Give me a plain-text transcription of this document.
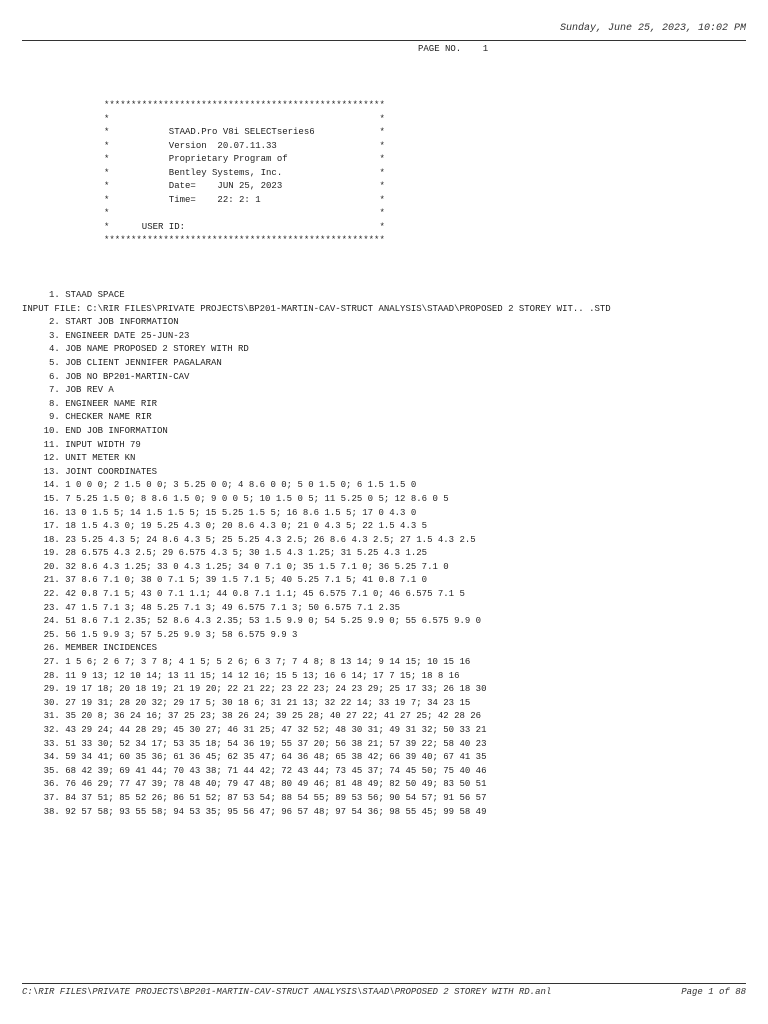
Sunday, June 25, 2023, 10:02 PM
PAGE NO.    1
****************************************************
*                                                  *
*           STAAD.Pro V8i SELECTseries6            *
*           Version  20.07.11.33                   *
*           Proprietary Program of                 *
*           Bentley Systems, Inc.                  *
*           Date=    JUN 25, 2023                  *
*           Time=    22: 2: 1                      *
*                                                  *
*      USER ID:                                    *
****************************************************
1. STAAD SPACE
INPUT FILE: C:\RIR FILES\PRIVATE PROJECTS\BP201-MARTIN-CAV-STRUCT ANALYSIS\STAAD\PROPOSED 2 STOREY WIT.. .STD
2. START JOB INFORMATION
3. ENGINEER DATE 25-JUN-23
4. JOB NAME PROPOSED 2 STOREY WITH RD
5. JOB CLIENT JENNIFER PAGALARAN
6. JOB NO BP201-MARTIN-CAV
7. JOB REV A
8. ENGINEER NAME RIR
9. CHECKER NAME RIR
10. END JOB INFORMATION
11. INPUT WIDTH 79
12. UNIT METER KN
13. JOINT COORDINATES
14. 1 0 0 0; 2 1.5 0 0; 3 5.25 0 0; 4 8.6 0 0; 5 0 1.5 0; 6 1.5 1.5 0
15. 7 5.25 1.5 0; 8 8.6 1.5 0; 9 0 0 5; 10 1.5 0 5; 11 5.25 0 5; 12 8.6 0 5
16. 13 0 1.5 5; 14 1.5 1.5 5; 15 5.25 1.5 5; 16 8.6 1.5 5; 17 0 4.3 0
17. 18 1.5 4.3 0; 19 5.25 4.3 0; 20 8.6 4.3 0; 21 0 4.3 5; 22 1.5 4.3 5
18. 23 5.25 4.3 5; 24 8.6 4.3 5; 25 5.25 4.3 2.5; 26 8.6 4.3 2.5; 27 1.5 4.3 2.5
19. 28 6.575 4.3 2.5; 29 6.575 4.3 5; 30 1.5 4.3 1.25; 31 5.25 4.3 1.25
20. 32 8.6 4.3 1.25; 33 0 4.3 1.25; 34 0 7.1 0; 35 1.5 7.1 0; 36 5.25 7.1 0
21. 37 8.6 7.1 0; 38 0 7.1 5; 39 1.5 7.1 5; 40 5.25 7.1 5; 41 0.8 7.1 0
22. 42 0.8 7.1 5; 43 0 7.1 1.1; 44 0.8 7.1 1.1; 45 6.575 7.1 0; 46 6.575 7.1 5
23. 47 1.5 7.1 3; 48 5.25 7.1 3; 49 6.575 7.1 3; 50 6.575 7.1 2.35
24. 51 8.6 7.1 2.35; 52 8.6 4.3 2.35; 53 1.5 9.9 0; 54 5.25 9.9 0; 55 6.575 9.9 0
25. 56 1.5 9.9 3; 57 5.25 9.9 3; 58 6.575 9.9 3
26. MEMBER INCIDENCES
27. 1 5 6; 2 6 7; 3 7 8; 4 1 5; 5 2 6; 6 3 7; 7 4 8; 8 13 14; 9 14 15; 10 15 16
28. 11 9 13; 12 10 14; 13 11 15; 14 12 16; 15 5 13; 16 6 14; 17 7 15; 18 8 16
29. 19 17 18; 20 18 19; 21 19 20; 22 21 22; 23 22 23; 24 23 29; 25 17 33; 26 18 30
30. 27 19 31; 28 20 32; 29 17 5; 30 18 6; 31 21 13; 32 22 14; 33 19 7; 34 23 15
31. 35 20 8; 36 24 16; 37 25 23; 38 26 24; 39 25 28; 40 27 22; 41 27 25; 42 28 26
32. 43 29 24; 44 28 29; 45 30 27; 46 31 25; 47 32 52; 48 30 31; 49 31 32; 50 33 21
33. 51 33 30; 52 34 17; 53 35 18; 54 36 19; 55 37 20; 56 38 21; 57 39 22; 58 40 23
34. 59 34 41; 60 35 36; 61 36 45; 62 35 47; 64 36 48; 65 38 42; 66 39 40; 67 41 35
35. 68 42 39; 69 41 44; 70 43 38; 71 44 42; 72 43 44; 73 45 37; 74 45 50; 75 40 46
36. 76 46 29; 77 47 39; 78 48 40; 79 47 48; 80 49 46; 81 48 49; 82 50 49; 83 50 51
37. 84 37 51; 85 52 26; 86 51 52; 87 53 54; 88 54 55; 89 53 56; 90 54 57; 91 56 57
38. 92 57 58; 93 55 58; 94 53 35; 95 56 47; 96 57 48; 97 54 36; 98 55 45; 99 58 49
C:\RIR FILES\PRIVATE PROJECTS\BP201-MARTIN-CAV-STRUCT ANALYSIS\STAAD\PROPOSED 2 STOREY WITH RD.anl	Page 1 of 88
